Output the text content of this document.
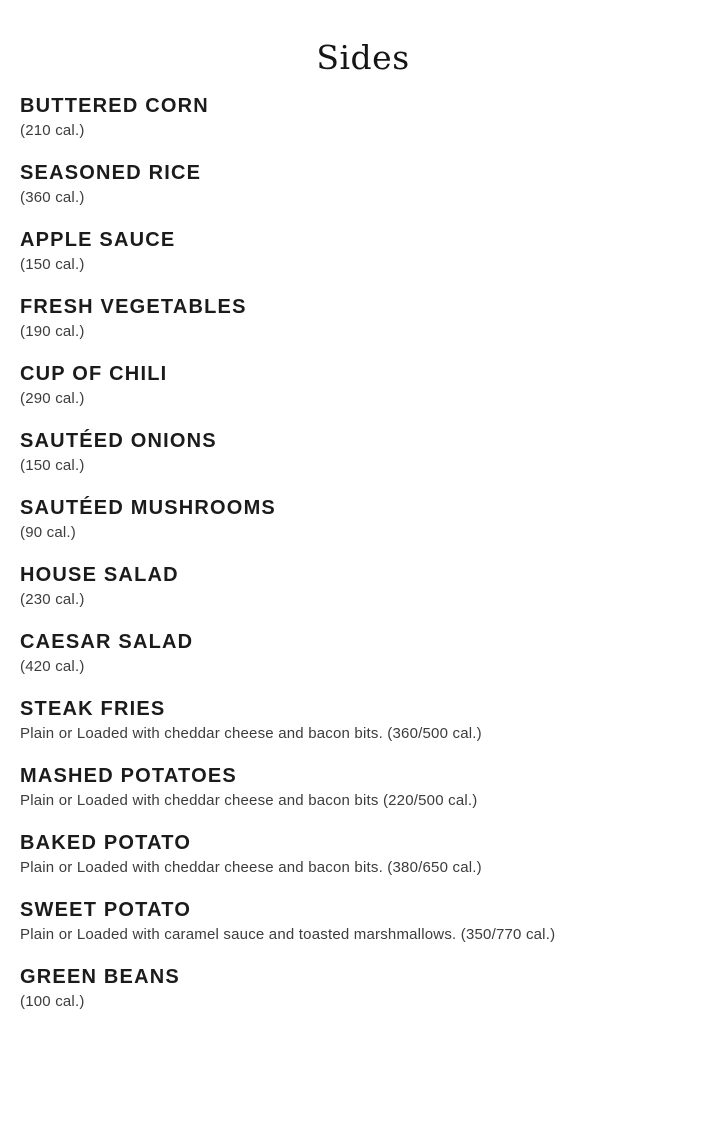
Sides
BUTTERED CORN
(210 cal.)
SEASONED RICE
(360 cal.)
APPLE SAUCE
(150 cal.)
FRESH VEGETABLES
(190 cal.)
CUP OF CHILI
(290 cal.)
SAUTÉED ONIONS
(150 cal.)
SAUTÉED MUSHROOMS
(90 cal.)
HOUSE SALAD
(230 cal.)
CAESAR SALAD
(420 cal.)
STEAK FRIES
Plain or Loaded with cheddar cheese and bacon bits. (360/500 cal.)
MASHED POTATOES
Plain or Loaded with cheddar cheese and bacon bits (220/500 cal.)
BAKED POTATO
Plain or Loaded with cheddar cheese and bacon bits. (380/650 cal.)
SWEET POTATO
Plain or Loaded with caramel sauce and toasted marshmallows. (350/770 cal.)
GREEN BEANS
(100 cal.)
